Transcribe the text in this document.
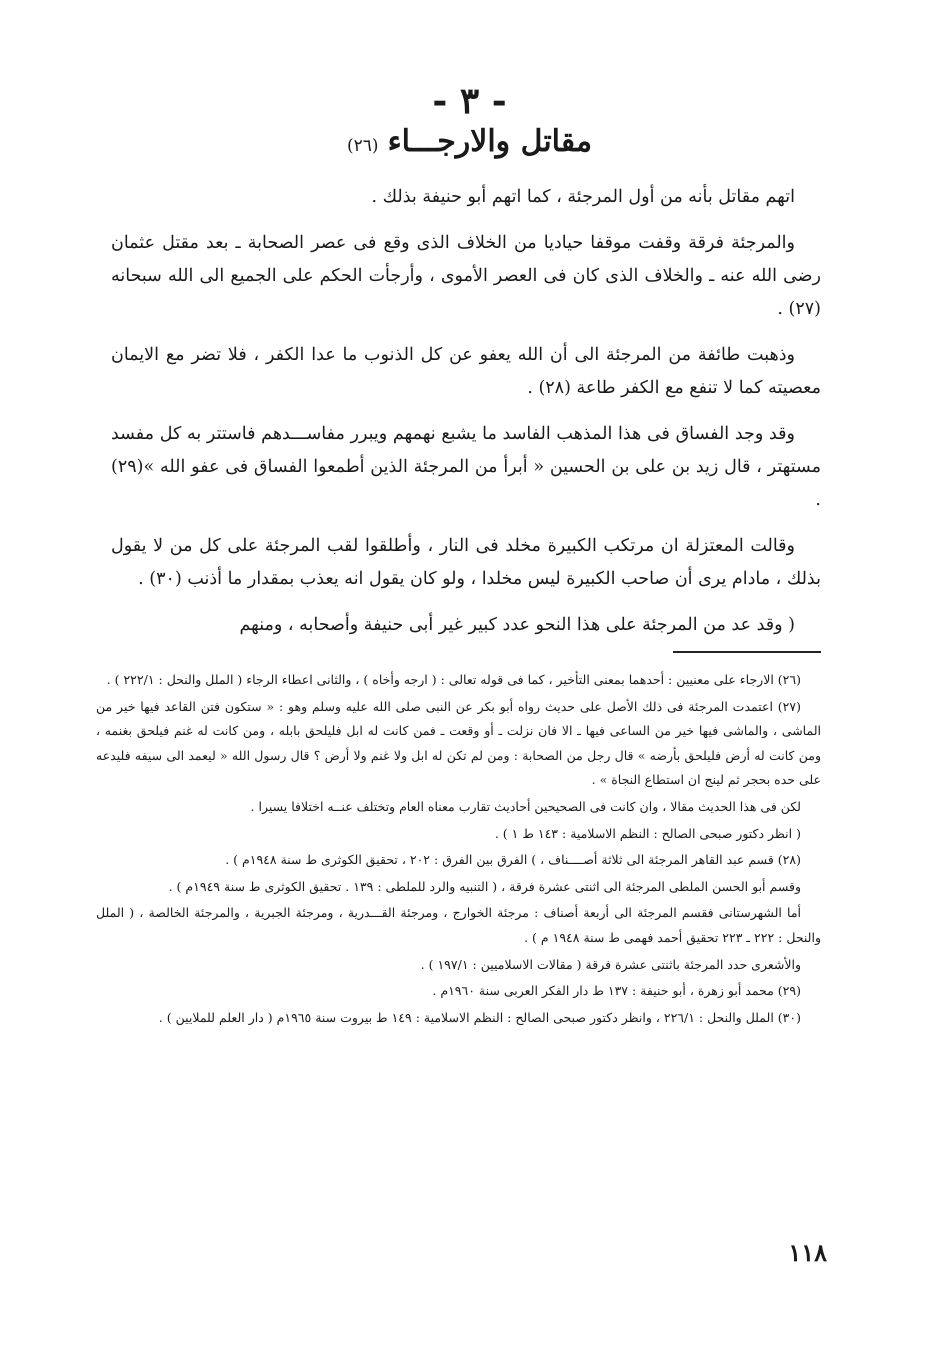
- ٣ -
مقاتل والارجـــاء (٢٦)

اتهم مقاتل بأنه من أول المرجئة ، كما اتهم أبو حنيفة بذلك .

والمرجئة فرقة وقفت موقفا حياديا من الخلاف الذى وقع فى عصر الصحابة ـ بعد مقتل عثمان رضى الله عنه ـ والخلاف الذى كان فى العصر الأموى ، وأرجأت الحكم على الجميع الى الله سبحانه (٢٧) .

وذهبت طائفة من المرجئة الى أن الله يعفو عن كل الذنوب ما عدا الكفر ، فلا تضر مع الايمان معصيته كما لا تنفع مع الكفر طاعة (٢٨) .

وقد وجد الفساق فى هذا المذهب الفاسد ما يشبع نهمهم ويبرر مفاســـدهم فاستتر به كل مفسد مستهتر ، قال زيد بن على بن الحسين « أبرأ من المرجئة الذين أطمعوا الفساق فى عفو الله »(٢٩) .

وقالت المعتزلة ان مرتكب الكبيرة مخلد فى النار ، وأطلقوا لقب المرجئة على كل من لا يقول بذلك ، مادام يرى أن صاحب الكبيرة ليس مخلدا ، ولو كان يقول انه يعذب بمقدار ما أذنب (٣٠) .

( وقد عد من المرجئة على هذا النحو عدد كبير غير أبى حنيفة وأصحابه ، ومنهم

(٢٦) الارجاء على معنيين : أحدهما بمعنى التأخير ، كما فى قوله تعالى : ( ارجه وأخاه ) ، والثانى اعطاء الرجاء ( الملل والنحل : ٢٢٢/١ ) .

(٢٧) اعتمدت المرجئة فى ذلك الأصل على حديث رواه أبو بكر عن النبى صلى الله عليه وسلم وهو : « ستكون فتن القاعد فيها خير من الماشى ، والماشى فيها خير من الساعى فيها ـ الا فان نزلت ـ أو وقعت ـ فمن كانت له ابل فليلحق بابله ، ومن كانت له غنم فيلحق بغنمه ، ومن كانت له أرض فليلحق بأرضه » قال رجل من الصحابة : ومن لم تكن له ابل ولا غنم ولا أرض ؟ قال رسول الله « ليعمد الى سيفه فليدعه على حده بحجر ثم لينج ان استطاع النجاة » .

لكن فى هذا الحديث مقالا ، وان كانت فى الصحيحين أحاديث تقارب معناه العام وتختلف عنــه اختلافا يسيرا .

( انظر دكتور صبحى الصالح : النظم الاسلامية : ١٤٣ ط ١ ) .

(٢٨) قسم عبد القاهر المرجئة الى ثلاثة أصــــناف ، ) الفرق بين الفرق : ٢٠٢ ، تحقيق الكوثرى ط سنة ١٩٤٨م ) .

وقسم أبو الحسن الملطى المرجئة الى اثنتى عشرة فرقة ، ( التنبيه والرد للملطى : ١٣٩ . تحقيق الكوثرى ط سنة ١٩٤٩م ) .

أما الشهرستانى فقسم المرجئة الى أربعة أصناف : مرجئة الخوارج ، ومرجئة القـــدرية ، ومرجئة الجبرية ، والمرجئة الخالصة ، ( الملل والنحل : ٢٢٢ ـ ٢٢٣ تحقيق أحمد فهمى ط سنة ١٩٤٨ م ) .

والأشعرى حدد المرجئة باثنتى عشرة فرقة ( مقالات الاسلاميين : ١٩٧/١ ) .

(٢٩) محمد أبو زهرة ، أبو حنيفة : ١٣٧ ط دار الفكر العربى سنة ١٩٦٠م .

(٣٠) الملل والنحل : ٢٢٦/١ ، وانظر دكتور صبحى الصالح : النظم الاسلامية : ١٤٩ ط بيروت سنة ١٩٦٥م ( دار العلم للملايين ) .

١١٨
